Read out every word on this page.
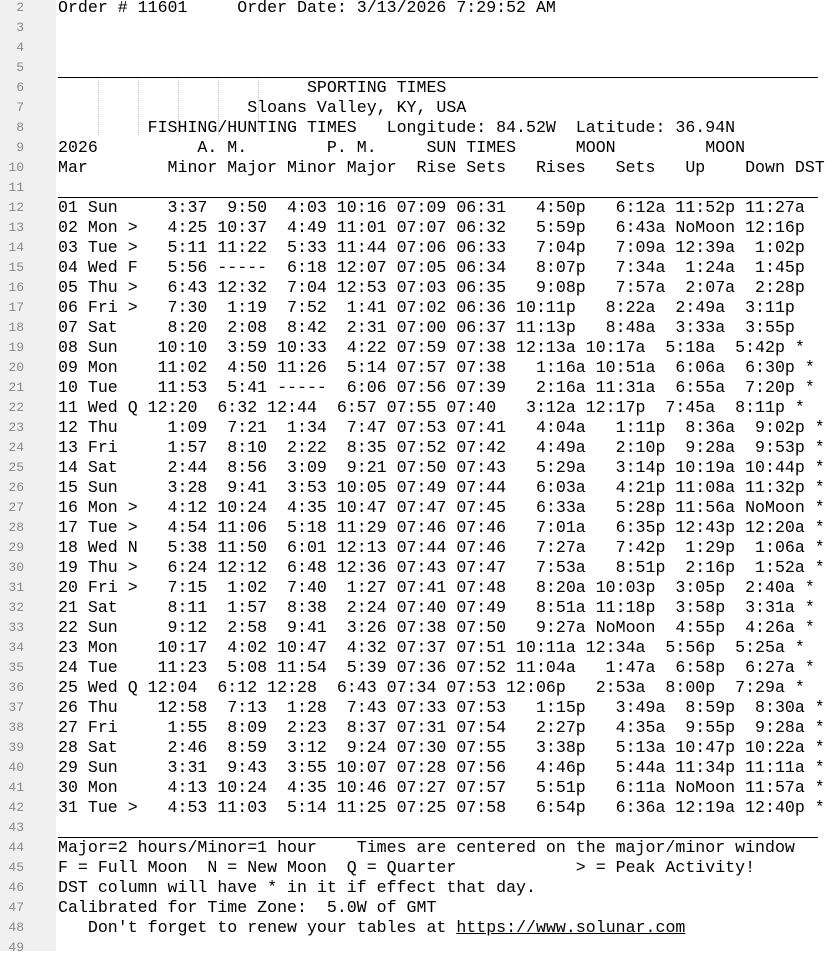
Order # 11601     Order Date: 3/13/2026 7:29:52 AM
SPORTING TIMES
Sloans Valley, KY, USA
FISHING/HUNTING TIMES   Longitude: 84.52W  Latitude: 36.94N
2026          A. M.        P. M.     SUN TIMES      MOON         MOON
Mar        Minor Major Minor Major  Rise Sets   Rises   Sets   Up    Down DST
01 Sun     3:37  9:50  4:03 10:16 07:09 06:31   4:50p   6:12a 11:52p 11:27a
02 Mon >   4:25 10:37  4:49 11:01 07:07 06:32   5:59p   6:43a NoMoon 12:16p
03 Tue >   5:11 11:22  5:33 11:44 07:06 06:33   7:04p   7:09a 12:39a  1:02p
04 Wed F   5:56 -----  6:18 12:07 07:05 06:34   8:07p   7:34a  1:24a  1:45p
05 Thu >   6:43 12:32  7:04 12:53 07:03 06:35   9:08p   7:57a  2:07a  2:28p
06 Fri >   7:30  1:19  7:52  1:41 07:02 06:36 10:11p   8:22a  2:49a  3:11p
07 Sat     8:20  2:08  8:42  2:31 07:00 06:37 11:13p   8:48a  3:33a  3:55p
08 Sun    10:10  3:59 10:33  4:22 07:59 07:38 12:13a 10:17a  5:18a  5:42p *
09 Mon    11:02  4:50 11:26  5:14 07:57 07:38   1:16a 10:51a  6:06a  6:30p *
10 Tue    11:53  5:41 -----  6:06 07:56 07:39   2:16a 11:31a  6:55a  7:20p *
11 Wed Q 12:20  6:32 12:44  6:57 07:55 07:40   3:12a 12:17p  7:45a  8:11p *
12 Thu     1:09  7:21  1:34  7:47 07:53 07:41   4:04a   1:11p  8:36a  9:02p *
13 Fri     1:57  8:10  2:22  8:35 07:52 07:42   4:49a   2:10p  9:28a  9:53p *
14 Sat     2:44  8:56  3:09  9:21 07:50 07:43   5:29a   3:14p 10:19a 10:44p *
15 Sun     3:28  9:41  3:53 10:05 07:49 07:44   6:03a   4:21p 11:08a 11:32p *
16 Mon >   4:12 10:24  4:35 10:47 07:47 07:45   6:33a   5:28p 11:56a NoMoon *
17 Tue >   4:54 11:06  5:18 11:29 07:46 07:46   7:01a   6:35p 12:43p 12:20a *
18 Wed N   5:38 11:50  6:01 12:13 07:44 07:46   7:27a   7:42p  1:29p  1:06a *
19 Thu >   6:24 12:12  6:48 12:36 07:43 07:47   7:53a   8:51p  2:16p  1:52a *
20 Fri >   7:15  1:02  7:40  1:27 07:41 07:48   8:20a 10:03p  3:05p  2:40a *
21 Sat     8:11  1:57  8:38  2:24 07:40 07:49   8:51a 11:18p  3:58p  3:31a *
22 Sun     9:12  2:58  9:41  3:26 07:38 07:50   9:27a NoMoon  4:55p  4:26a *
23 Mon    10:17  4:02 10:47  4:32 07:37 07:51 10:11a 12:34a  5:56p  5:25a *
24 Tue    11:23  5:08 11:54  5:39 07:36 07:52 11:04a   1:47a  6:58p  6:27a *
25 Wed Q 12:04  6:12 12:28  6:43 07:34 07:53 12:06p   2:53a  8:00p  7:29a *
26 Thu    12:58  7:13  1:28  7:43 07:33 07:53   1:15p   3:49a  8:59p  8:30a *
27 Fri     1:55  8:09  2:23  8:37 07:31 07:54   2:27p   4:35a  9:55p  9:28a *
28 Sat     2:46  8:59  3:12  9:24 07:30 07:55   3:38p   5:13a 10:47p 10:22a *
29 Sun     3:31  9:43  3:55 10:07 07:28 07:56   4:46p   5:44a 11:34p 11:11a *
30 Mon     4:13 10:24  4:35 10:46 07:27 07:57   5:51p   6:11a NoMoon 11:57a *
31 Tue >   4:53 11:03  5:14 11:25 07:25 07:58   6:54p   6:36a 12:19a 12:40p *
Major=2 hours/Minor=1 hour    Times are centered on the major/minor window
F = Full Moon  N = New Moon  Q = Quarter            > = Peak Activity!
DST column will have * in it if effect that day.
Calibrated for Time Zone:  5.0W of GMT
Don't forget to renew your tables at https://www.solunar.com
2
3
4
5
6
7
8
9
10
11
12
13
14
15
16
17
18
19
20
21
22
23
24
25
26
27
28
29
30
31
32
33
34
35
36
37
38
39
40
41
42
43
44
45
46
47
48
49
